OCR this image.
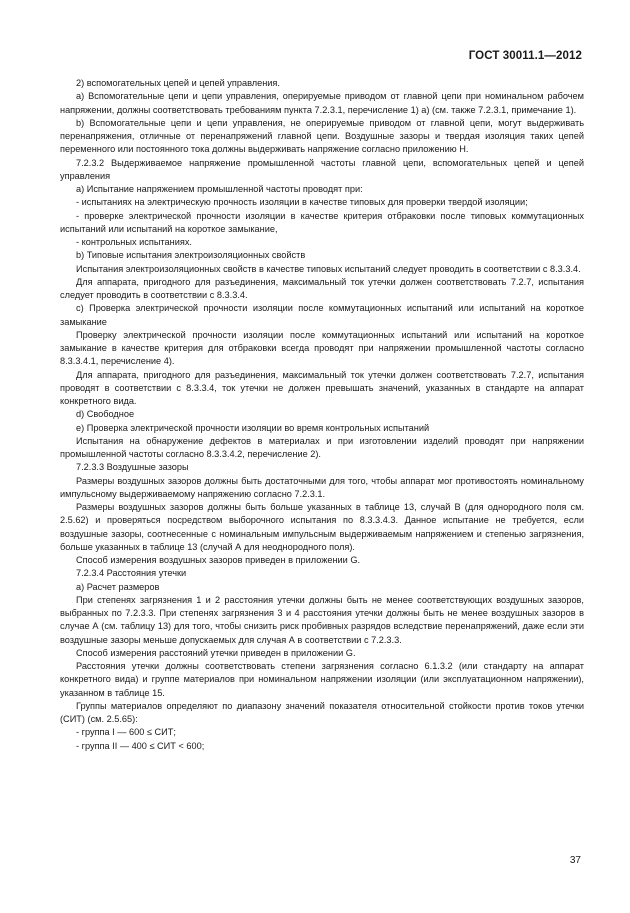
ГОСТ 30011.1—2012

2) вспомогательных цепей и цепей управления.

а) Вспомогательные цепи и цепи управления, оперируемые приводом от главной цепи при номинальном рабочем напряжении, должны соответствовать требованиям пункта 7.2.3.1, перечисление 1) a) (см. также 7.2.3.1, примечание 1).

b) Вспомогательные цепи и цепи управления, не оперируемые приводом от главной цепи, могут выдерживать перенапряжения, отличные от перенапряжений главной цепи. Воздушные зазоры и твердая изоляция таких цепей переменного или постоянного тока должны выдерживать напряжение согласно приложению Н.

7.2.3.2 Выдерживаемое напряжение промышленной частоты главной цепи, вспомогательных цепей и цепей управления

а) Испытание напряжением промышленной частоты проводят при:

- испытаниях на электрическую прочность изоляции в качестве типовых для проверки твердой изоляции;

- проверке электрической прочности изоляции в качестве критерия отбраковки после типовых коммутационных испытаний или испытаний на короткое замыкание,

- контрольных испытаниях.

b) Типовые испытания электроизоляционных свойств

Испытания электроизоляционных свойств в качестве типовых испытаний следует проводить в соответствии с 8.3.3.4.

Для аппарата, пригодного для разъединения, максимальный ток утечки должен соответствовать 7.2.7, испытания следует проводить в соответствии с 8.3.3.4.

с) Проверка электрической прочности изоляции после коммутационных испытаний или испытаний на короткое замыкание

Проверку электрической прочности изоляции после коммутационных испытаний или испытаний на короткое замыкание в качестве критерия для отбраковки всегда проводят при напряжении промышленной частоты согласно 8.3.3.4.1, перечисление 4).

Для аппарата, пригодного для разъединения, максимальный ток утечки должен соответствовать 7.2.7, испытания проводят в соответствии с 8.3.3.4, ток утечки не должен превышать значений, указанных в стандарте на аппарат конкретного вида.

d) Свободное

е) Проверка электрической прочности изоляции во время контрольных испытаний

Испытания на обнаружение дефектов в материалах и при изготовлении изделий проводят при напряжении промышленной частоты согласно 8.3.3.4.2, перечисление 2).

7.2.3.3 Воздушные зазоры

Размеры воздушных зазоров должны быть достаточными для того, чтобы аппарат мог противостоять номинальному импульсному выдерживаемому напряжению согласно 7.2.3.1.

Размеры воздушных зазоров должны быть больше указанных в таблице 13, случай В (для однородного поля см. 2.5.62) и проверяться посредством выборочного испытания по 8.3.3.4.3. Данное испытание не требуется, если воздушные зазоры, соотнесенные с номинальным импульсным выдерживаемым напряжением и степенью загрязнения, больше указанных в таблице 13 (случай А для неоднородного поля).

Способ измерения воздушных зазоров приведен в приложении G.

7.2.3.4 Расстояния утечки

а) Расчет размеров

При степенях загрязнения 1 и 2 расстояния утечки должны быть не менее соответствующих воздушных зазоров, выбранных по 7.2.3.3. При степенях загрязнения 3 и 4 расстояния утечки должны быть не менее воздушных зазоров в случае А (см. таблицу 13) для того, чтобы снизить риск пробивных разрядов вследствие перенапряжений, даже если эти воздушные зазоры меньше допускаемых для случая А в соответствии с 7.2.3.3.

Способ измерения расстояний утечки приведен в приложении G.

Расстояния утечки должны соответствовать степени загрязнения согласно 6.1.3.2 (или стандарту на аппарат конкретного вида) и группе материалов при номинальном напряжении изоляции (или эксплуатационном напряжении), указанном в таблице 15.

Группы материалов определяют по диапазону значений показателя относительной стойкости против токов утечки (СИТ) (см. 2.5.65):

- группа I — 600 ≤ СИТ;

- группа II — 400 ≤ СИТ < 600;

37
